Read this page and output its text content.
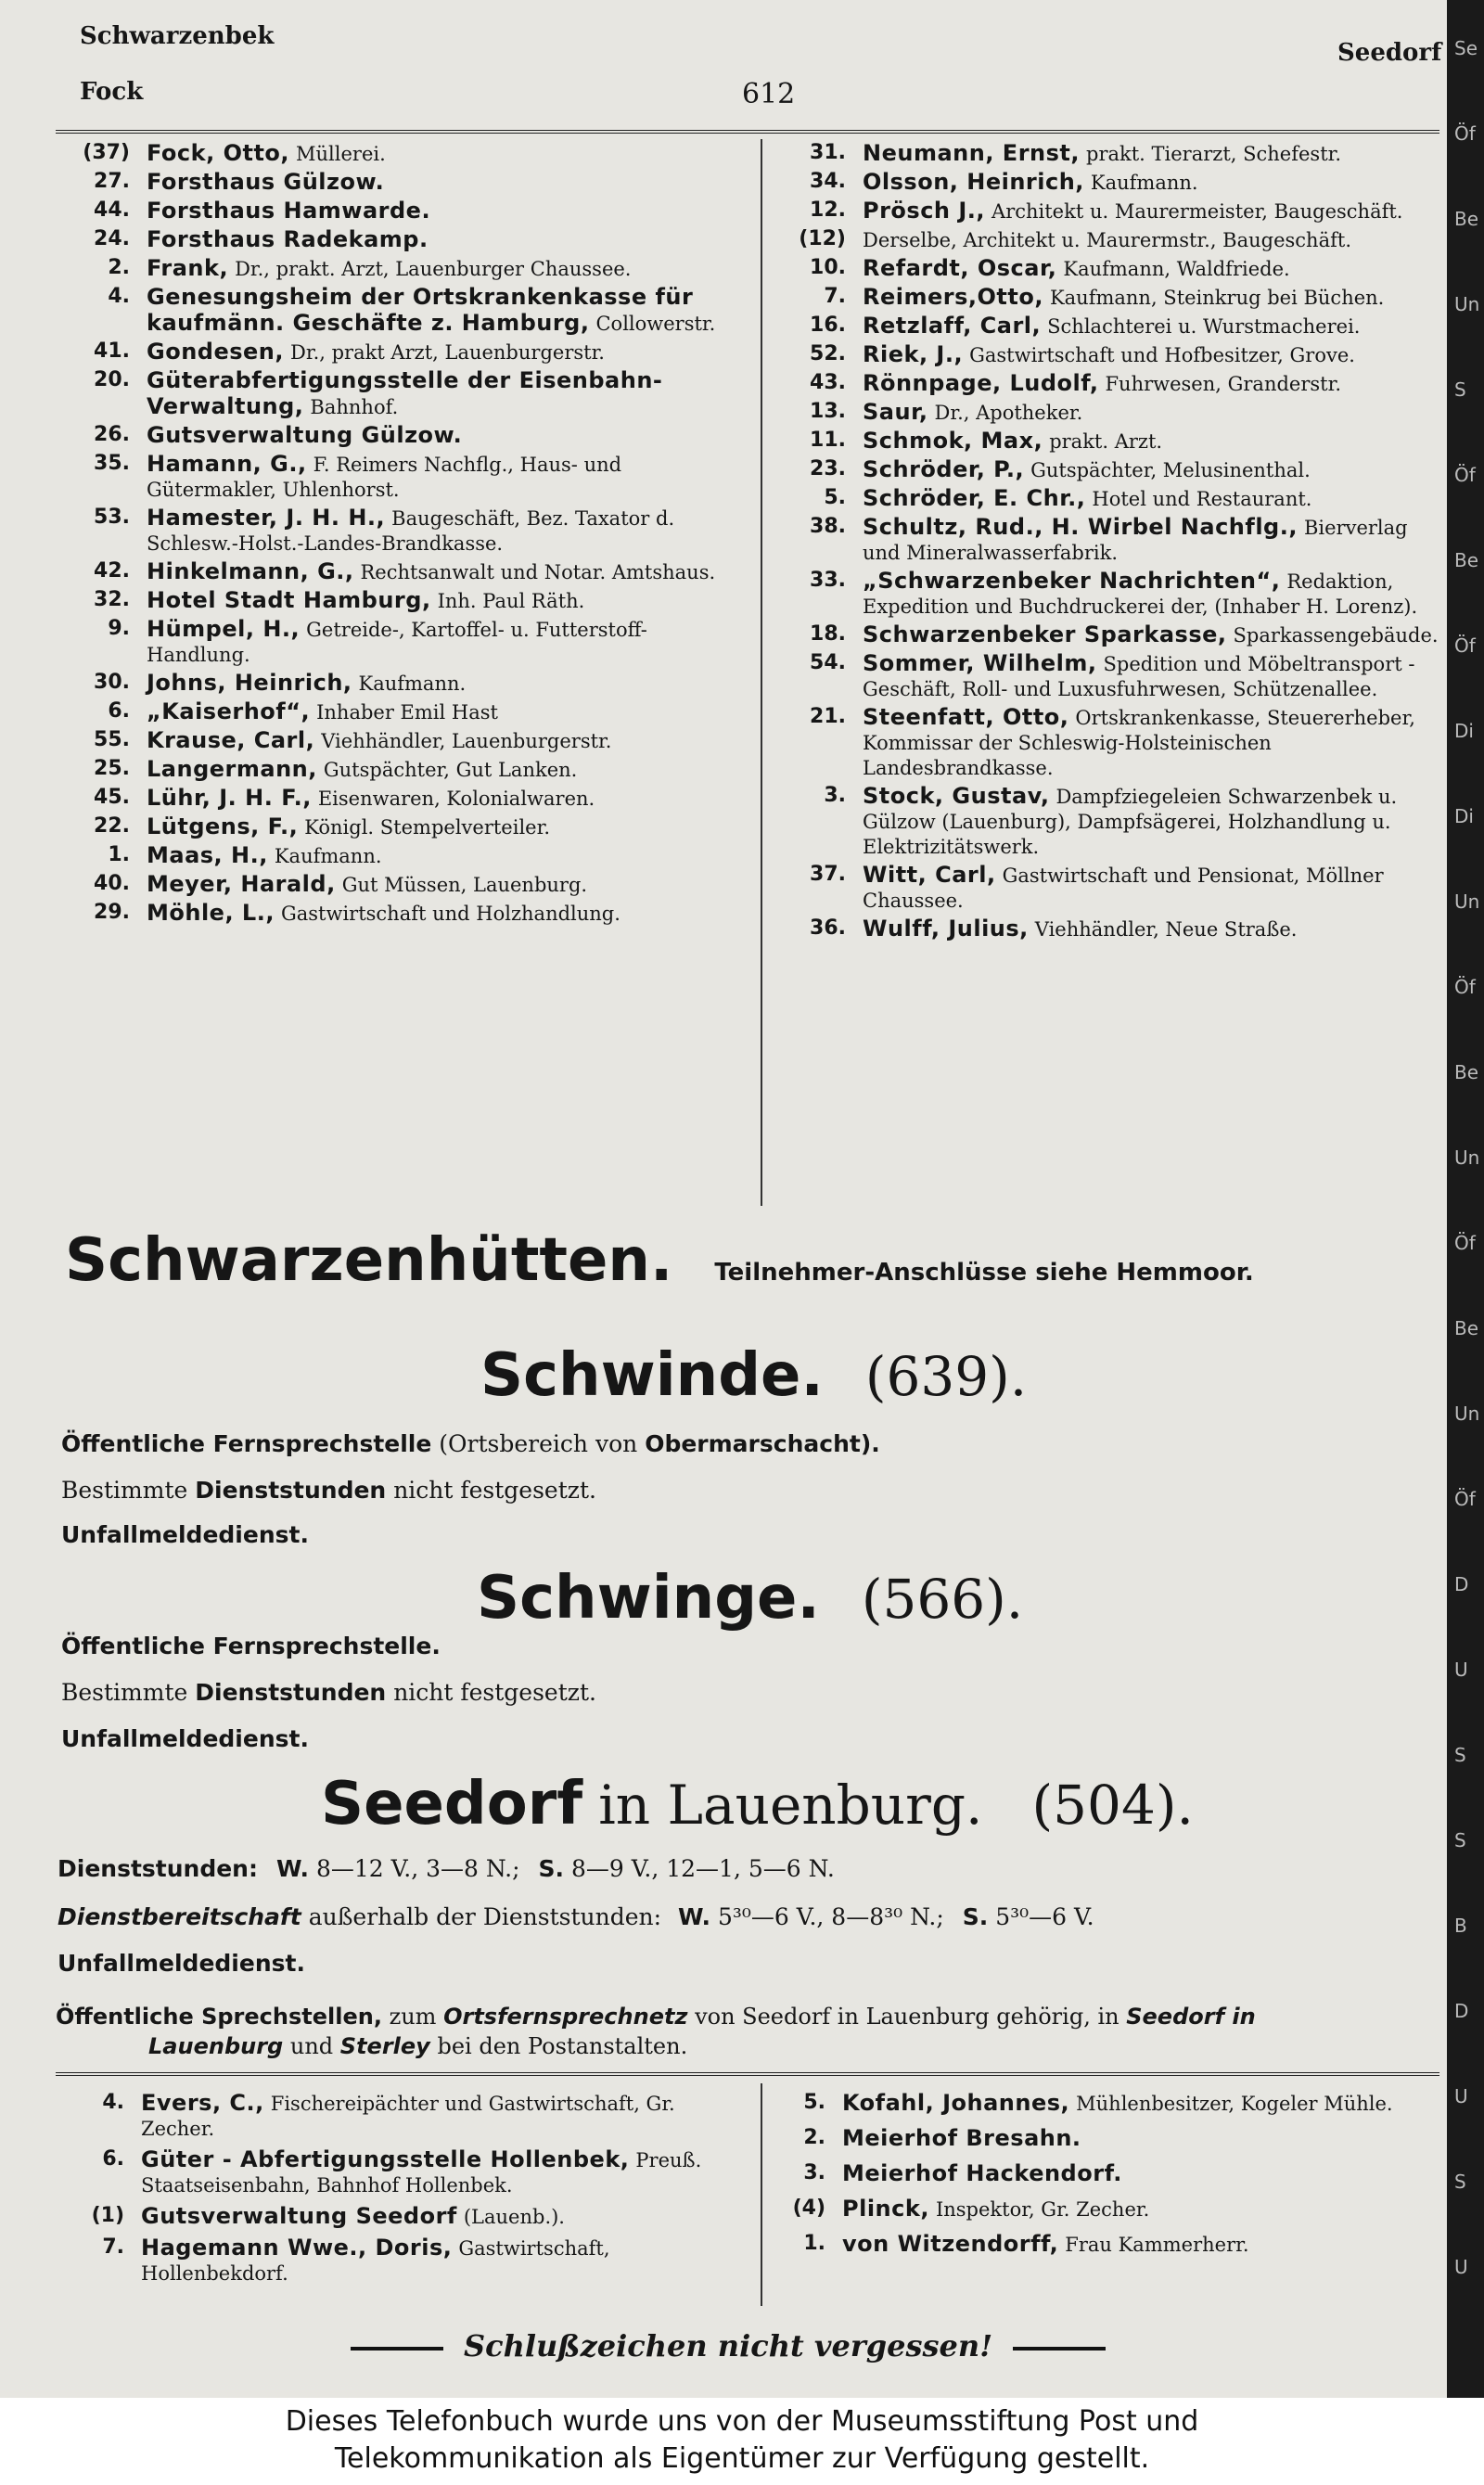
Schwarzenbek
Fock	612
Seedorf
(37) Fock, Otto, Müllerei.
27. Forsthaus Gülzow.
44. Forsthaus Hamwarde.
24. Forsthaus Radekamp.
2. Frank, Dr., prakt. Arzt, Lauenburger Chaussee.
4. Genesungsheim der Ortskrankenkasse für kaufmänn. Geschäfte z. Hamburg, Collowerstr.
41. Gondesen, Dr., prakt Arzt, Lauenburgerstr.
20. Güterabfertigungsstelle der Eisenbahn-Verwaltung, Bahnhof.
26. Gutsverwaltung Gülzow.
35. Hamann, G., F. Reimers Nachflg., Haus- und Gütermakler, Uhlenhorst.
53. Hamester, J. H. H., Baugeschäft, Bez. Taxator d. Schlesw.-Holst.-Landes-Brandkasse.
42. Hinkelmann, G., Rechtsanwalt und Notar. Amtshaus.
32. Hotel Stadt Hamburg, Inh. Paul Räth.
9. Hümpel, H., Getreide-, Kartoffel- u. Futterstoff-Handlung.
30. Johns, Heinrich, Kaufmann.
6. „Kaiserhof“, Inhaber Emil Hast
55. Krause, Carl, Viehhändler, Lauenburgerstr.
25. Langermann, Gutspächter, Gut Lanken.
45. Lühr, J. H. F., Eisenwaren, Kolonialwaren.
22. Lütgens, F., Königl. Stempelverteiler.
1. Maas, H., Kaufmann.
40. Meyer, Harald, Gut Müssen, Lauenburg.
29. Möhle, L., Gastwirtschaft und Holzhandlung.
31. Neumann, Ernst, prakt. Tierarzt, Schefestr.
34. Olsson, Heinrich, Kaufmann.
12. Prösch J., Architekt u. Maurermeister, Baugeschäft.
(12) Derselbe, Architekt u. Maurermstr., Baugeschäft.
10. Refardt, Oscar, Kaufmann, Waldfriede.
7. Reimers,Otto, Kaufmann, Steinkrug bei Büchen.
16. Retzlaff, Carl, Schlachterei u. Wurstmacherei.
52. Riek, J., Gastwirtschaft und Hofbesitzer, Grove.
43. Rönnpage, Ludolf, Fuhrwesen, Granderstr.
13. Saur, Dr., Apotheker.
11. Schmok, Max, prakt. Arzt.
23. Schröder, P., Gutspächter, Melusinenthal.
5. Schröder, E. Chr., Hotel und Restaurant.
38. Schultz, Rud., H. Wirbel Nachflg., Bierverlag und Mineralwasserfabrik.
33. „Schwarzenbeker Nachrichten“, Redaktion, Expedition und Buchdruckerei der, (Inhaber H. Lorenz).
18. Schwarzenbeker Sparkasse, Sparkassengebäude.
54. Sommer, Wilhelm, Spedition und Möbeltransport - Geschäft, Roll- und Luxusfuhrwesen, Schützenallee.
21. Steenfatt, Otto, Ortskrankenkasse, Steuererheber, Kommissar der Schleswig-Holsteinischen Landesbrandkasse.
3. Stock, Gustav, Dampfziegeleien Schwarzenbek u. Gülzow (Lauenburg), Dampfsägerei, Holzhandlung u. Elektrizitätswerk.
37. Witt, Carl, Gastwirtschaft und Pensionat, Möllner Chaussee.
36. Wulff, Julius, Viehhändler, Neue Straße.
Schwarzenhütten. Teilnehmer-Anschlüsse siehe Hemmoor.
Schwinde. (639).
Öffentliche Fernsprechstelle (Ortsbereich von Obermarschacht).
Bestimmte Dienststunden nicht festgesetzt.
Unfallmeldedienst.
Schwinge. (566).
Öffentliche Fernsprechstelle.
Bestimmte Dienststunden nicht festgesetzt.
Unfallmeldedienst.
Seedorf in Lauenburg. (504).
Dienststunden: W. 8—12 V., 3—8 N.; S. 8—9 V., 12—1, 5—6 N.
Dienstbereitschaft außerhalb der Dienststunden: W. 5³⁰—6 V., 8—8³⁰ N.; S. 5³⁰—6 V.
Unfallmeldedienst.
Öffentliche Sprechstellen, zum Ortsfernsprechnetz von Seedorf in Lauenburg gehörig, in Seedorf in
Lauenburg und Sterley bei den Postanstalten.
4. Evers, C., Fischereipächter und Gastwirtschaft, Gr. Zecher.
6. Güter - Abfertigungsstelle Hollenbek, Preuß. Staatseisenbahn, Bahnhof Hollenbek.
(1) Gutsverwaltung Seedorf (Lauenb.).
7. Hagemann Wwe., Doris, Gastwirtschaft, Hollenbekdorf.
5. Kofahl, Johannes, Mühlenbesitzer, Kogeler Mühle.
2. Meierhof Bresahn.
3. Meierhof Hackendorf.
(4) Plinck, Inspektor, Gr. Zecher.
1. von Witzendorff, Frau Kammerherr.
Schlußzeichen nicht vergessen!
Se
Öf
Be
Un
S
Öf
Be
Öf
Di
Di
Un
Öf
Be
Un
Öf
Be
Un
Öf
D
U
S
S
B
D
U
S
U
Dieses Telefonbuch wurde uns von der Museumsstiftung Post und
Telekommunikation als Eigentümer zur Verfügung gestellt.
